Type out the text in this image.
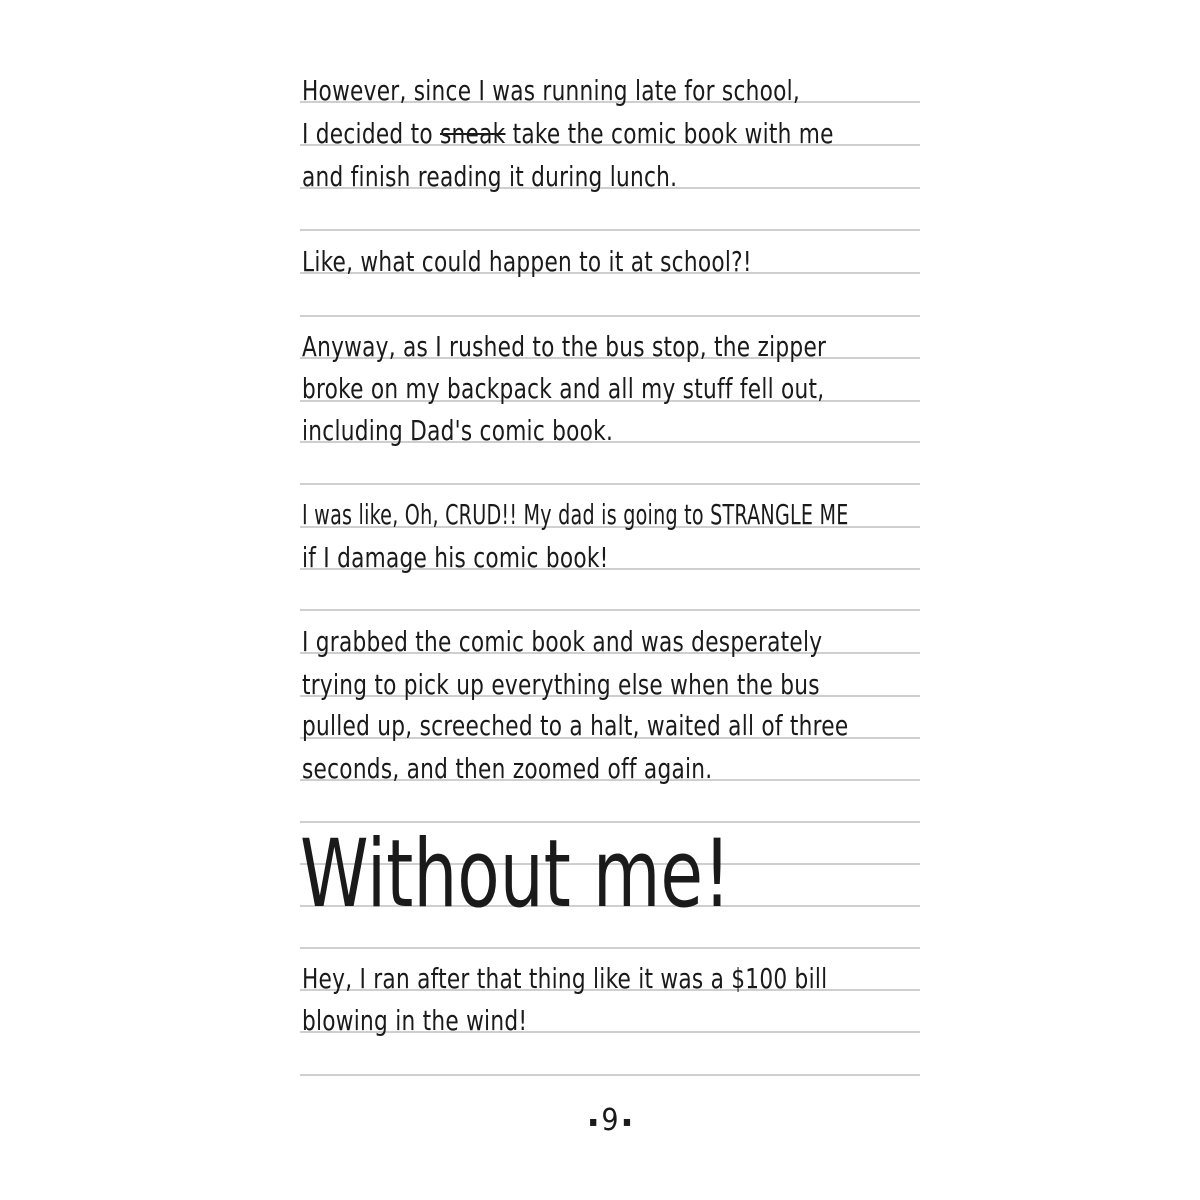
However, since I was running late for school,
I decided to sneak take the comic book with me
and finish reading it during lunch.
Like, what could happen to it at school?!
Anyway, as I rushed to the bus stop, the zipper
broke on my backpack and all my stuff fell out,
including Dad's comic book.
I was like, Oh, CRUD!! My dad is going to STRANGLE ME
if I damage his comic book!
I grabbed the comic book and was desperately
trying to pick up everything else when the bus
pulled up, screeched to a halt, waited all of three
seconds, and then zoomed off again.
Without me!
Hey, I ran after that thing like it was a $100 bill
blowing in the wind!
▪ 9 ▪
